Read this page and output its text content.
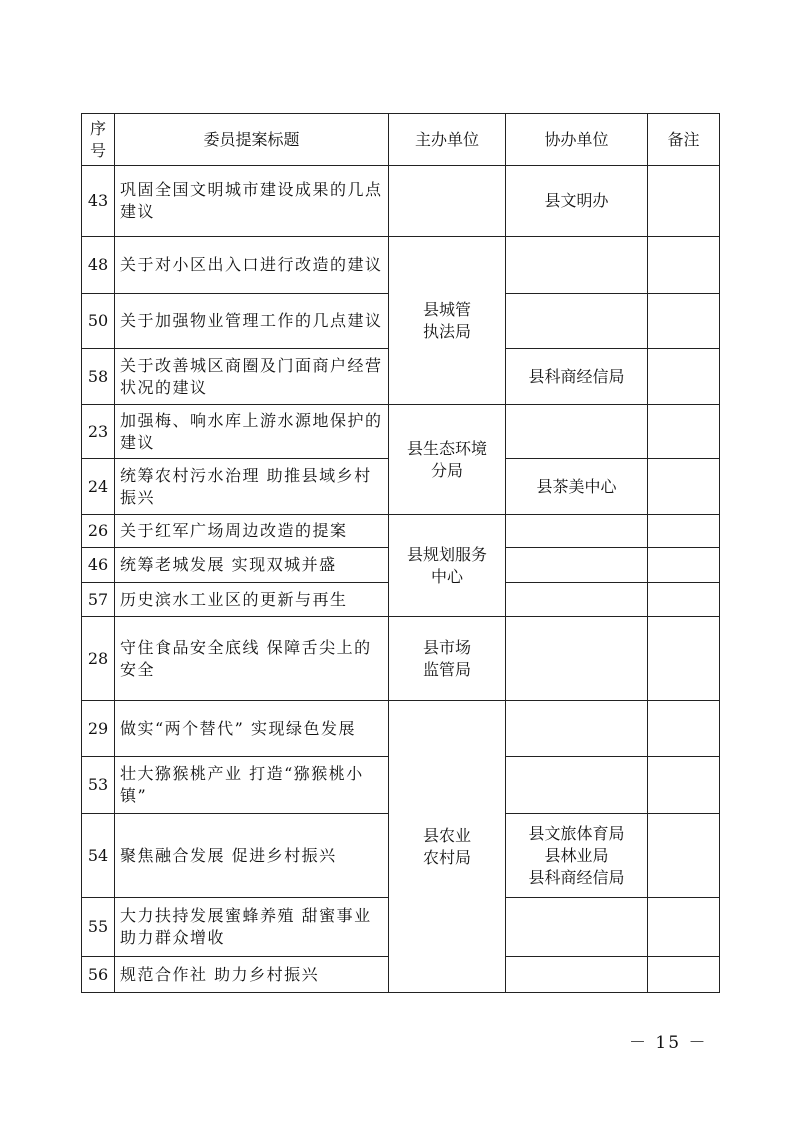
序
号	委员提案标题	主办单位	协办单位	备注
43	巩固全国文明城市建设成果的几点建议		县文明办	
48	关于对小区出入口进行改造的建议	县城管
执法局		
50	关于加强物业管理工作的几点建议			
58	关于改善城区商圈及门面商户经营状况的建议		县科商经信局	
23	加强梅、响水库上游水源地保护的建议	县生态环境
分局		
24	统筹农村污水治理 助推县域乡村振兴		县茶美中心	
26	关于红军广场周边改造的提案	县规划服务
中心		
46	统筹老城发展 实现双城并盛			
57	历史滨水工业区的更新与再生			
28	守住食品安全底线 保障舌尖上的安全	县市场
监管局		
29	做实“两个替代” 实现绿色发展	县农业
农村局		
53	壮大猕猴桃产业 打造“猕猴桃小镇”			
54	聚焦融合发展 促进乡村振兴		县文旅体育局
县林业局
县科商经信局	
55	大力扶持发展蜜蜂养殖 甜蜜事业 助力群众增收			
56	规范合作社 助力乡村振兴			
－ 15 －
